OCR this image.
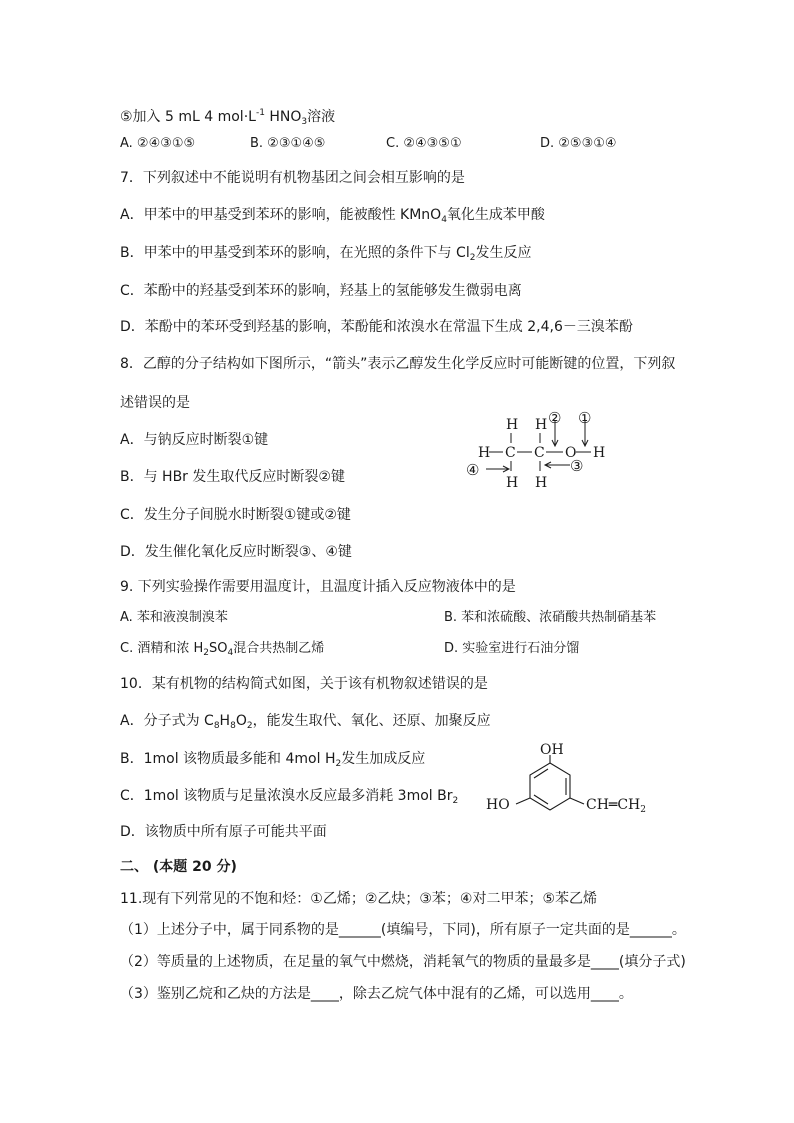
⑤加入 5 mL 4 $mol\cdot L^{-1}$ $HNO_3$溶液
A. ②④③①⑤	B. ②③①④⑤	C. ②④③⑤①	D. ②⑤③①④
7．下列叙述中不能说明有机物基团之间会相互影响的是
A．甲苯中的甲基受到苯环的影响，能被酸性 KMnO$_4$氧化生成苯甲酸
B．甲苯中的甲基受到苯环的影响，在光照的条件下与 $Cl_2$发生反应
C．苯酚中的羟基受到苯环的影响，羟基上的氢能够发生微弱电离
D．苯酚中的苯环受到羟基的影响，苯酚能和浓溴水在常温下生成 2,4,6－三溴苯酚
8．乙醇的分子结构如下图所示，“箭头”表示乙醇发生化学反应时可能断键的位置，下列叙
述错误的是
A．与钠反应时断裂①键
B．与 HBr 发生取代反应时断裂②键
C．发生分子间脱水时断裂①键或②键
D．发生催化氧化反应时断裂③、④键
H H
H C C O H
H H
② ①
③
④
9. 下列实验操作需要用温度计，且温度计插入反应物液体中的是
A. 苯和液溴制溴苯	B. 苯和浓硫酸、浓硝酸共热制硝基苯
C. 酒精和浓 $H_2SO_4$混合共热制乙烯	D. 实验室进行石油分馏
10．某有机物的结构简式如图，关于该有机物叙述错误的是
A．分子式为 $C_8H_8O_2$，能发生取代、氧化、还原、加聚反应
B．1mol 该物质最多能和 4mol $H_2$发生加成反应
C．1mol 该物质与足量浓溴水反应最多消耗 3mol $Br_2$
D．该物质中所有原子可能共平面
OH
HO	$CH═CH_2$
二、 (本题 20 分)
11.现有下列常见的不饱和烃：①乙烯；②乙炔；③苯；④对二甲苯；⑤苯乙烯
（1）上述分子中，属于同系物的是______(填编号，下同)，所有原子一定共面的是______。
（2）等质量的上述物质，在足量的氧气中燃烧，消耗氧气的物质的量最多是____(填分子式)
（3）鉴别乙烷和乙炔的方法是____，除去乙烷气体中混有的乙烯，可以选用____。
